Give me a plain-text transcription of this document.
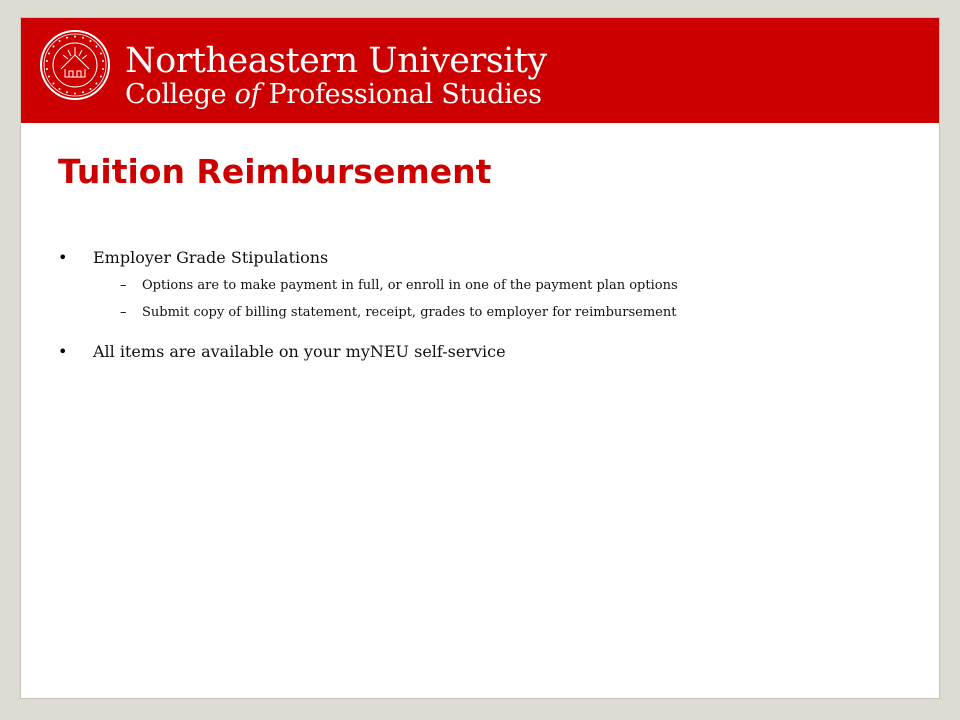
Northeastern University
College of Professional Studies
Tuition Reimbursement
•	Employer Grade Stipulations
–	Options are to make payment in full, or enroll in one of the payment plan options
–	Submit copy of billing statement, receipt, grades to employer for reimbursement
•	All items are available on your myNEU self-service
